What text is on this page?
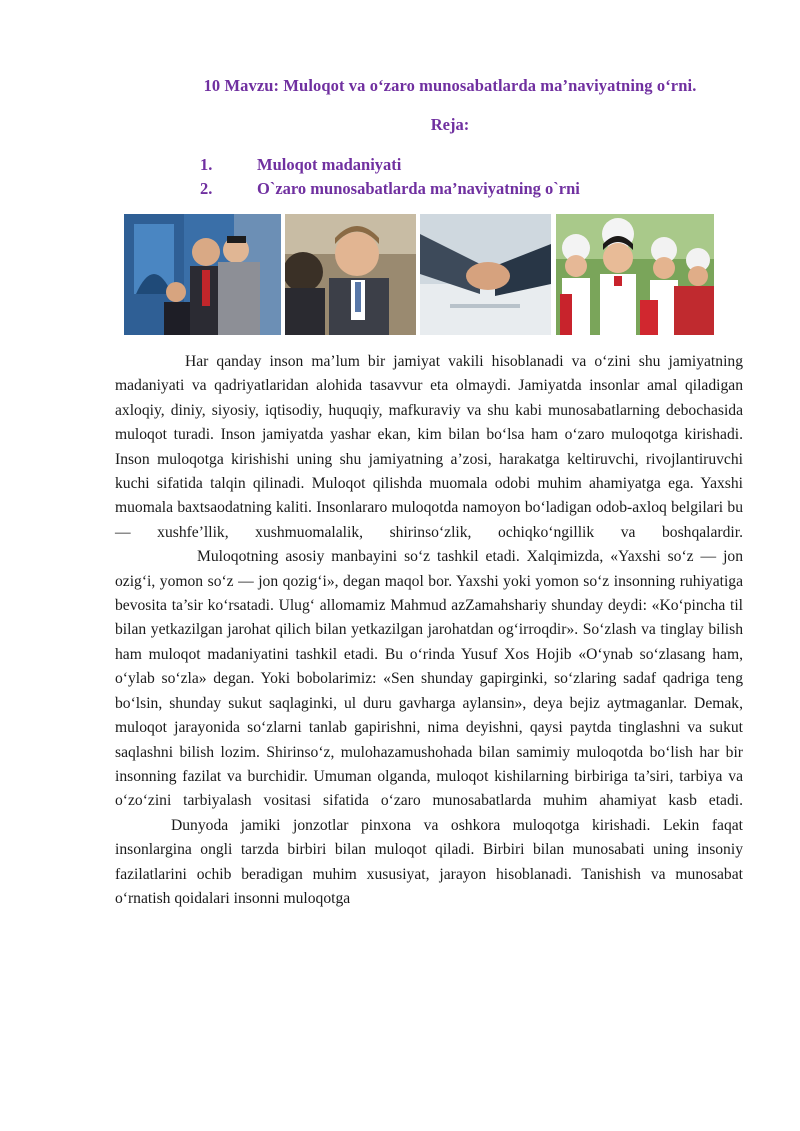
10 Mavzu: Muloqot va o‘zaro munosabatlarda ma’naviyatning o‘rni.
Reja:
1.	Muloqot madaniyati
2.	O`zaro munosabatlarda ma’naviyatning o`rni

Har qanday inson ma’lum bir jamiyat vakili hisoblanadi va o‘zini shu jamiyatning madaniyati va qadriyatlaridan alohida tasavvur eta olmaydi. Jamiyatda insonlar amal qiladigan axloqiy, diniy, siyosiy, iqtisodiy, huquqiy, mafkuraviy va shu kabi munosabatlarning debochasida muloqot turadi. Inson jamiyatda yashar ekan, kim bilan bo‘lsa ham o‘zaro muloqotga kirishadi. Inson muloqotga kirishishi uning shu jamiyatning a’zosi, harakatga keltiruvchi, rivojlantiruvchi kuchi sifatida talqin qilinadi. Muloqot qilishda muomala odobi muhim ahamiyatga ega. Yaxshi muomala baxtsaodatning kaliti. Insonlararo muloqotda namoyon bo‘ladigan odob-axloq belgilari bu — xushfe’llik, xushmuomalalik, shirinso‘zlik, ochiqko‘ngillik va boshqalardir.

Muloqotning asosiy manbayini so‘z tashkil etadi. Xalqimizda, «Yaxshi so‘z — jon ozig‘i, yomon so‘z — jon qozig‘i», degan maqol bor. Yaxshi yoki yomon so‘z insonning ruhiyatiga bevosita ta’sir ko‘rsatadi. Ulug‘ allomamiz Mahmud azZamahshariy shunday deydi: «Ko‘pincha til bilan yetkazilgan jarohat qilich bilan yetkazilgan jarohatdan og‘irroqdir». So‘zlash va tinglay bilish ham muloqot madaniyatini tashkil etadi. Bu o‘rinda Yusuf Xos Hojib «O‘ynab so‘zlasang ham, o‘ylab so‘zla» degan. Yoki bobolarimiz: «Sen shunday gapirginki, so‘zlaring sadaf qadriga teng bo‘lsin, shunday sukut saqlaginki, ul duru gavharga aylansin», deya bejiz aytmaganlar. Demak, muloqot jarayonida so‘zlarni tanlab gapirishni, nima deyishni, qaysi paytda tinglashni va sukut saqlashni bilish lozim. Shirinso‘z, mulohazamushohada bilan samimiy muloqotda bo‘lish har bir insonning fazilat va burchidir. Umuman olganda, muloqot kishilarning birbiriga ta’siri, tarbiya va o‘zo‘zini tarbiyalash vositasi sifatida o‘zaro munosabatlarda muhim ahamiyat kasb etadi.

Dunyoda jamiki jonzotlar pinxona va oshkora muloqotga kirishadi. Lekin faqat insonlargina ongli tarzda birbiri bilan muloqot qiladi. Birbiri bilan munosabati uning insoniy fazilatlarini ochib beradigan muhim xususiyat, jarayon hisoblanadi. Tanishish va munosabat o‘rnatish qoidalari insonni muloqotga
